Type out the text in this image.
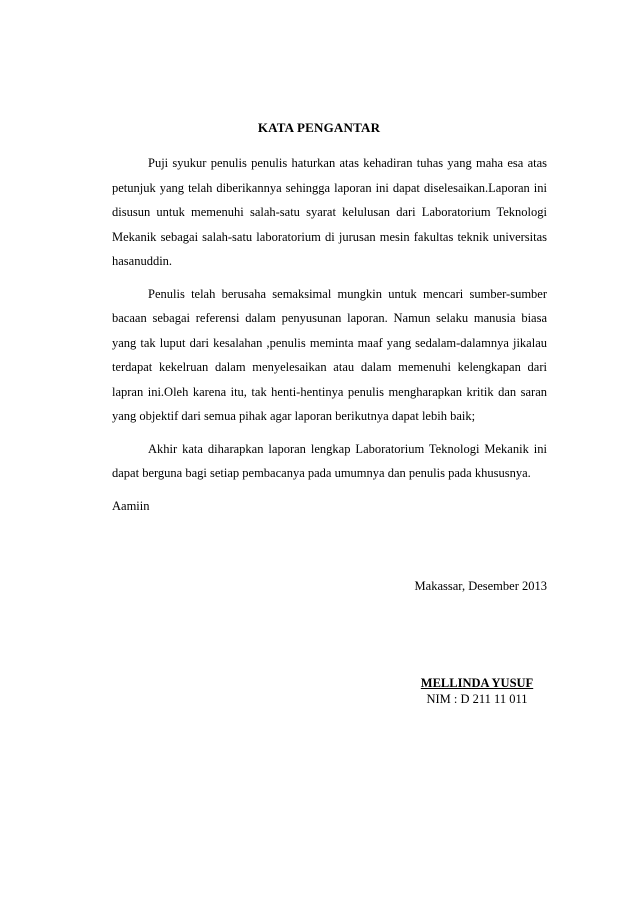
KATA PENGANTAR

Puji syukur penulis penulis haturkan atas kehadiran tuhas yang maha esa atas petunjuk yang telah diberikannya sehingga laporan ini dapat diselesaikan.Laporan ini disusun untuk memenuhi salah-satu syarat kelulusan dari Laboratorium Teknologi Mekanik sebagai salah-satu laboratorium di jurusan mesin fakultas teknik universitas hasanuddin.

Penulis telah berusaha semaksimal mungkin untuk mencari sumber-sumber bacaan sebagai referensi dalam penyusunan laporan. Namun selaku manusia biasa yang tak luput dari kesalahan ,penulis meminta maaf yang sedalam-dalamnya jikalau terdapat kekelruan dalam menyelesaikan atau dalam memenuhi kelengkapan dari lapran ini.Oleh karena itu, tak henti-hentinya penulis mengharapkan kritik dan saran yang objektif dari semua pihak agar laporan berikutnya dapat lebih baik;

Akhir kata diharapkan laporan lengkap Laboratorium Teknologi Mekanik ini dapat berguna bagi setiap pembacanya pada umumnya dan penulis pada khususnya.

Aamiin

Makassar, Desember 2013
MELLINDA YUSUF
NIM : D 211 11 011
